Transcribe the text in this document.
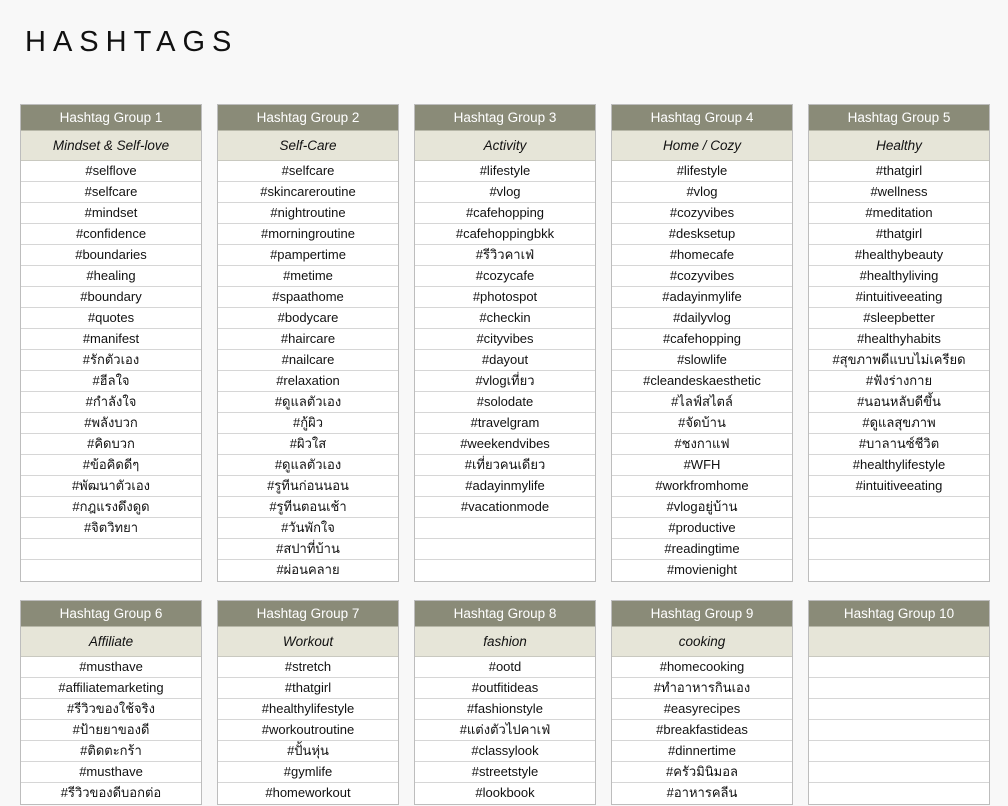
HASHTAGS
Hashtag Group 1
Mindset & Self-love
#selflove
#selfcare
#mindset
#confidence
#boundaries
#healing
#boundary
#quotes
#manifest
#รักตัวเอง
#ฮีลใจ
#กำลังใจ
#พลังบวก
#คิดบวก
#ข้อคิดดีๆ
#พัฒนาตัวเอง
#กฎแรงดึงดูด
#จิตวิทยา
Hashtag Group 2
Self-Care
#selfcare
#skincareroutine
#nightroutine
#morningroutine
#pampertime
#metime
#spaathome
#bodycare
#haircare
#nailcare
#relaxation
#ดูแลตัวเอง
#กู้ผิว
#ผิวใส
#ดูแลตัวเอง
#รูทีนก่อนนอน
#รูทีนตอนเช้า
#วันพักใจ
#สปาที่บ้าน
#ผ่อนคลาย
Hashtag Group 3
Activity
#lifestyle
#vlog
#cafehopping
#cafehoppingbkk
#รีวิวคาเฟ่
#cozycafe
#photospot
#checkin
#cityvibes
#dayout
#vlogเที่ยว
#solodate
#travelgram
#weekendvibes
#เที่ยวคนเดียว
#adayinmylife
#vacationmode
Hashtag Group 4
Home / Cozy
#lifestyle
#vlog
#cozyvibes
#desksetup
#homecafe
#cozyvibes
#adayinmylife
#dailyvlog
#cafehopping
#slowlife
#cleandeskaesthetic
#ไลฟ์สไตล์
#จัดบ้าน
#ชงกาแฟ
#WFH
#workfromhome
#vlogอยู่บ้าน
#productive
#readingtime
#movienight
Hashtag Group 5
Healthy
#thatgirl
#wellness
#meditation
#thatgirl
#healthybeauty
#healthyliving
#intuitiveeating
#sleepbetter
#healthyhabits
#สุขภาพดีแบบไม่เครียด
#ฟังร่างกาย
#นอนหลับดีขึ้น
#ดูแลสุขภาพ
#บาลานซ์ชีวิต
#healthylifestyle
#intuitiveeating
Hashtag Group 6
Affiliate
#musthave
#affiliatemarketing
#รีวิวของใช้จริง
#ป้ายยาของดี
#ติดตะกร้า
#musthave
#รีวิวของดีบอกต่อ
Hashtag Group 7
Workout
#stretch
#thatgirl
#healthylifestyle
#workoutroutine
#ปั้นหุ่น
#gymlife
#homeworkout
Hashtag Group 8
fashion
#ootd
#outfitideas
#fashionstyle
#แต่งตัวไปคาเฟ่
#classylook
#streetstyle
#lookbook
Hashtag Group 9
cooking
#homecooking
#ทำอาหารกินเอง
#easyrecipes
#breakfastideas
#dinnertime
#ครัวมินิมอล
#อาหารคลีน
Hashtag Group 10
